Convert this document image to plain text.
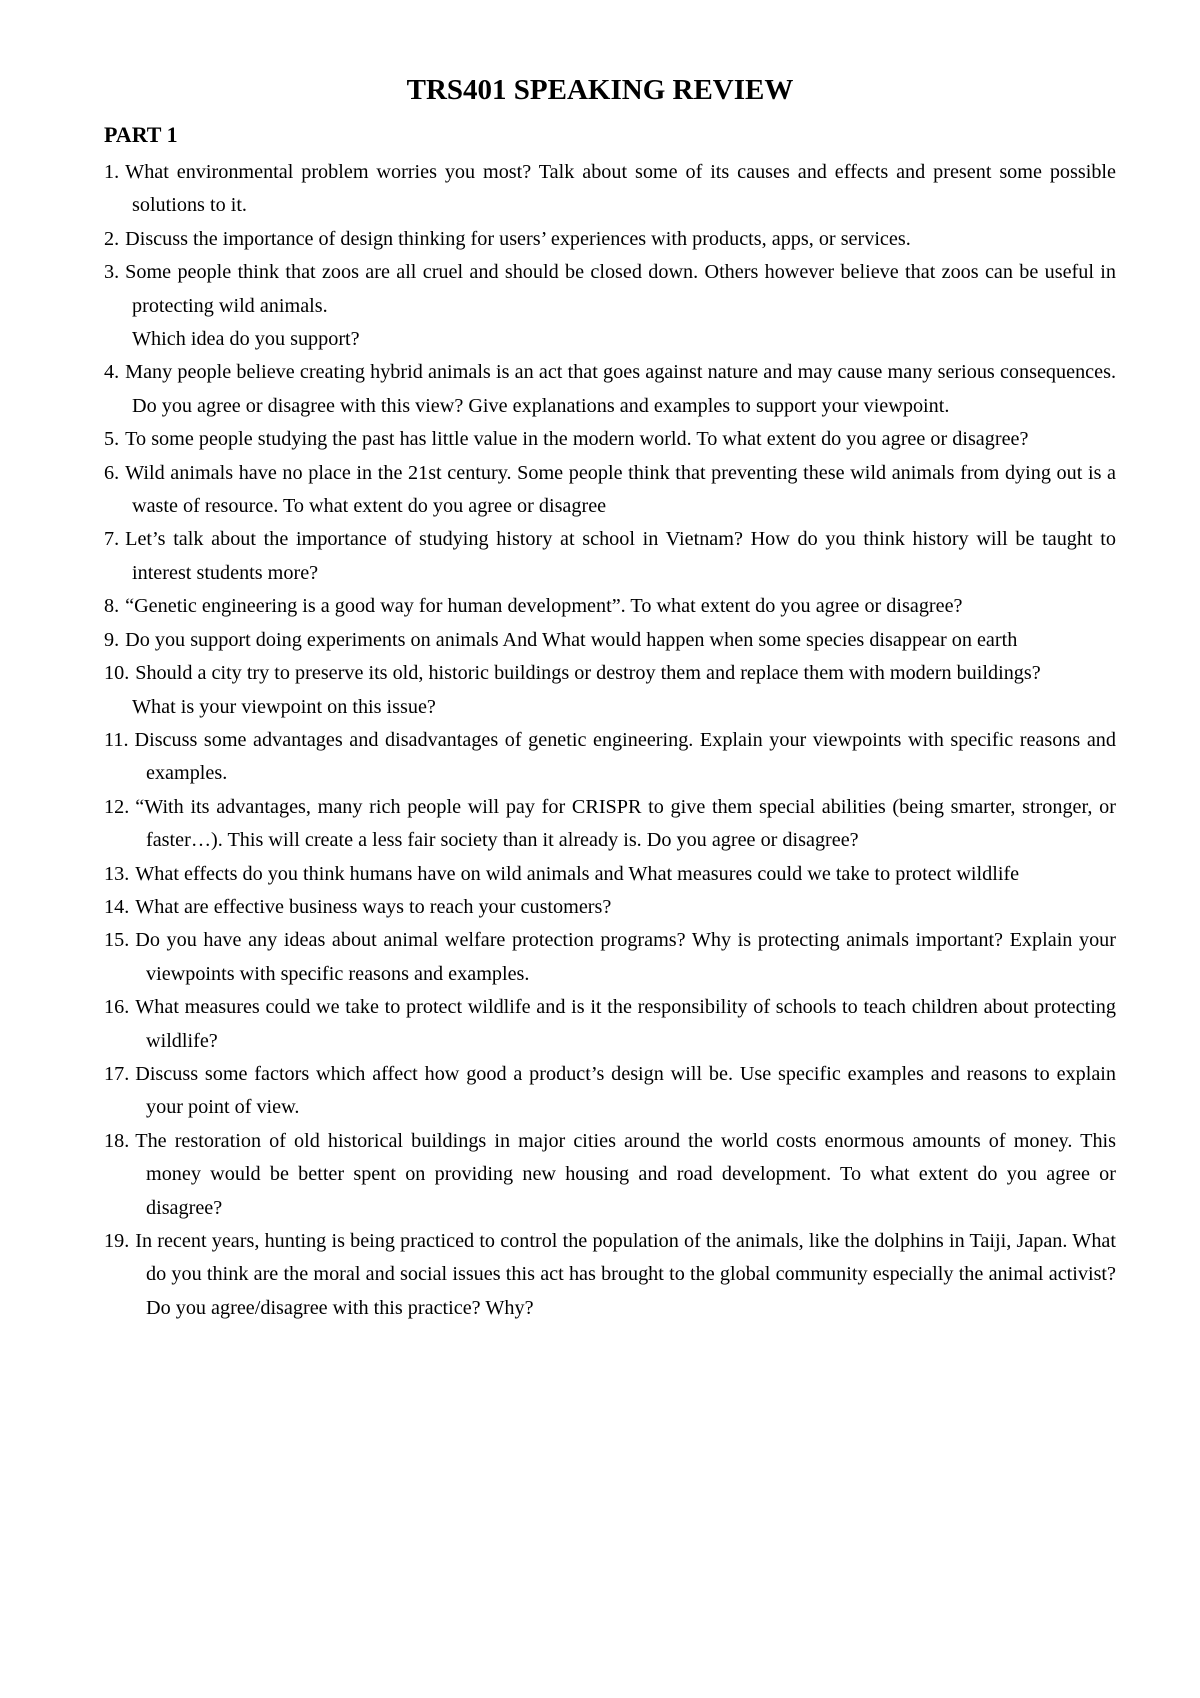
TRS401 SPEAKING REVIEW
PART 1
1. What environmental problem worries you most? Talk about some of its causes and effects and present some possible solutions to it.
2. Discuss the importance of design thinking for users’ experiences with products, apps, or services.
3. Some people think that zoos are all cruel and should be closed down. Others however believe that zoos can be useful in protecting wild animals.
Which idea do you support?
4. Many people believe creating hybrid animals is an act that goes against nature and may cause many serious consequences. Do you agree or disagree with this view? Give explanations and examples to support your viewpoint.
5. To some people studying the past has little value in the modern world. To what extent do you agree or disagree?
6. Wild animals have no place in the 21st century. Some people think that preventing these wild animals from dying out is a waste of resource. To what extent do you agree or disagree
7. Let’s talk about the importance of studying history at school in Vietnam? How do you think history will be taught to interest students more?
8. “Genetic engineering is a good way for human development”. To what extent do you agree or disagree?
9. Do you support doing experiments on animals And What would happen when some species disappear on earth
10. Should a city try to preserve its old, historic buildings or destroy them and replace them with modern buildings?
What is your viewpoint on this issue?
11. Discuss some advantages and disadvantages of genetic engineering. Explain your viewpoints with specific reasons and examples.
12. “With its advantages, many rich people will pay for CRISPR to give them special abilities (being smarter, stronger, or faster…). This will create a less fair society than it already is. Do you agree or disagree?
13. What effects do you think humans have on wild animals and What measures could we take to protect wildlife
14. What are effective business ways to reach your customers?
15. Do you have any ideas about animal welfare protection programs? Why is protecting animals important? Explain your viewpoints with specific reasons and examples.
16. What measures could we take to protect wildlife and is it the responsibility of schools to teach children about protecting wildlife?
17. Discuss some factors which affect how good a product’s design will be. Use specific examples and reasons to explain your point of view.
18. The restoration of old historical buildings in major cities around the world costs enormous amounts of money. This money would be better spent on providing new housing and road development. To what extent do you agree or disagree?
19. In recent years, hunting is being practiced to control the population of the animals, like the dolphins in Taiji, Japan. What do you think are the moral and social issues this act has brought to the global community especially the animal activist? Do you agree/disagree with this practice? Why?
